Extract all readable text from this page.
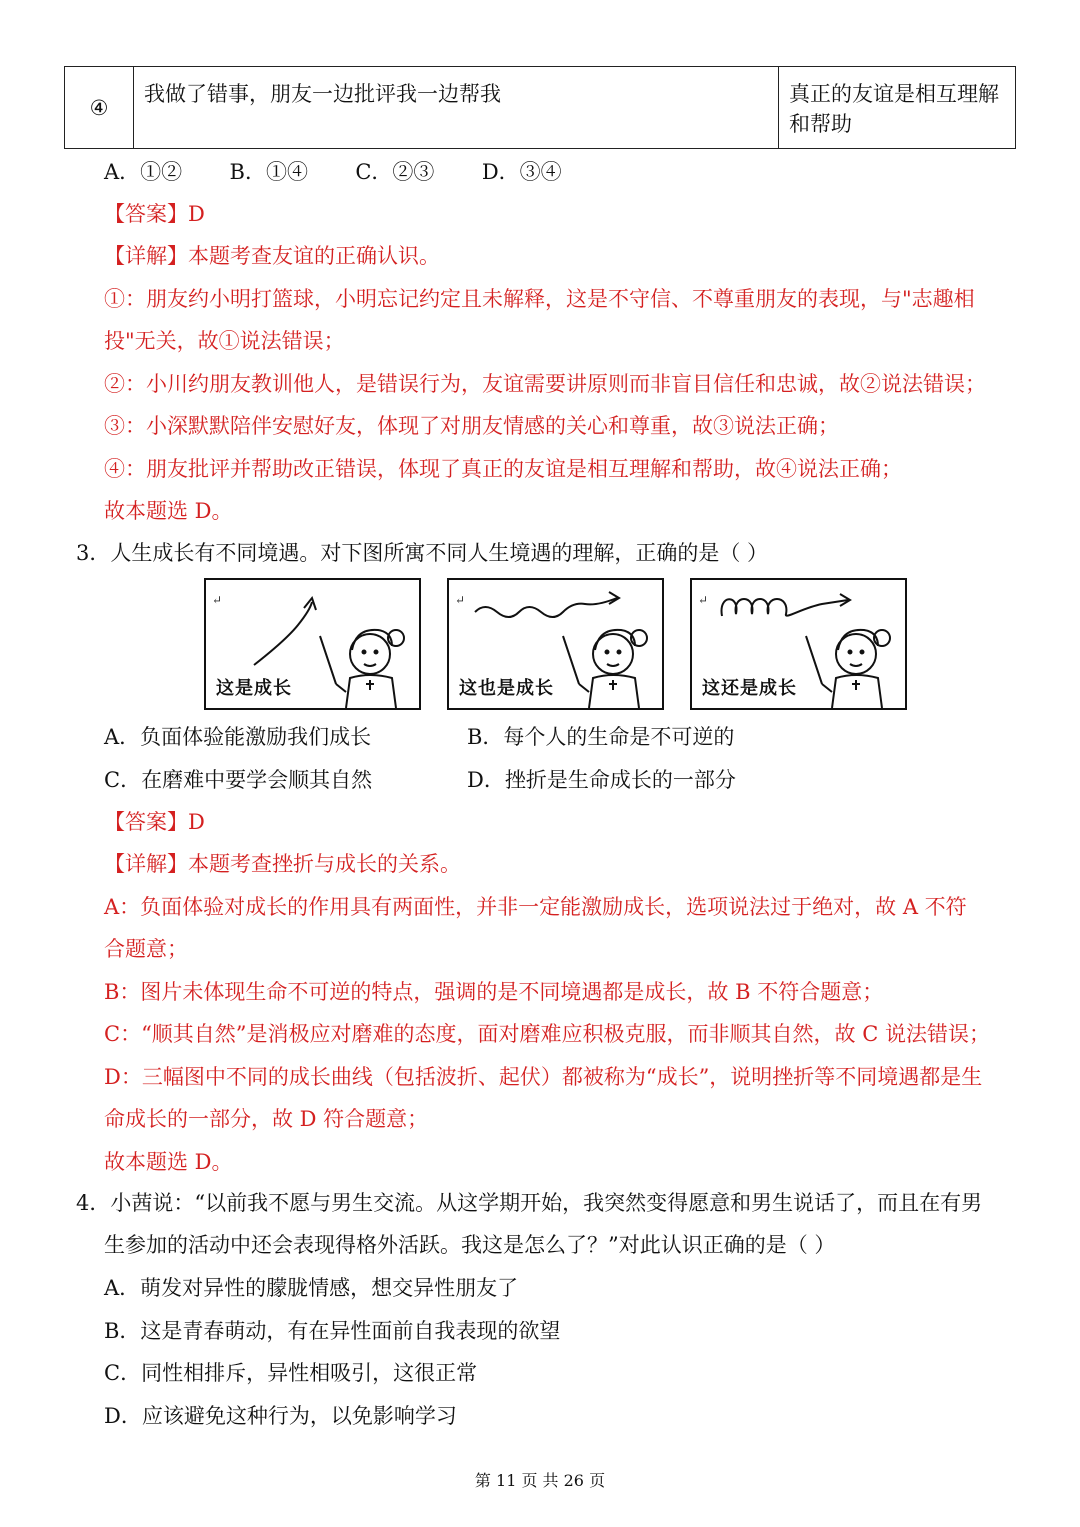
④	我做了错事，朋友一边批评我一边帮我	真正的友谊是相互理解和帮助
A．①② B．①④ C．②③ D．③④
【答案】D
【详解】本题考查友谊的正确认识。
①：朋友约小明打篮球，小明忘记约定且未解释，这是不守信、不尊重朋友的表现，与"志趣相
投"无关，故①说法错误；
②：小川约朋友教训他人，是错误行为，友谊需要讲原则而非盲目信任和忠诚，故②说法错误；
③：小深默默陪伴安慰好友，体现了对朋友情感的关心和尊重，故③说法正确；
④：朋友批评并帮助改正错误，体现了真正的友谊是相互理解和帮助，故④说法正确；
故本题选 D。
3．人生成长有不同境遇。对下图所寓不同人生境遇的理解，正确的是（ ）
↵
这是成长
↵
这也是成长
↵
这还是成长
A．负面体验能激励我们成长	B．每个人的生命是不可逆的
C．在磨难中要学会顺其自然	D．挫折是生命成长的一部分
【答案】D
【详解】本题考查挫折与成长的关系。
A：负面体验对成长的作用具有两面性，并非一定能激励成长，选项说法过于绝对，故 A 不符
合题意；
B：图片未体现生命不可逆的特点，强调的是不同境遇都是成长，故 B 不符合题意；
C：“顺其自然”是消极应对磨难的态度，面对磨难应积极克服，而非顺其自然，故 C 说法错误；
D：三幅图中不同的成长曲线（包括波折、起伏）都被称为“成长”，说明挫折等不同境遇都是生
命成长的一部分，故 D 符合题意；
故本题选 D。
4．小茜说：“以前我不愿与男生交流。从这学期开始，我突然变得愿意和男生说话了，而且在有男
生参加的活动中还会表现得格外活跃。我这是怎么了？”对此认识正确的是（ ）
A．萌发对异性的朦胧情感，想交异性朋友了
B．这是青春萌动，有在异性面前自我表现的欲望
C．同性相排斥，异性相吸引，这很正常
D．应该避免这种行为，以免影响学习
第 11 页 共 26 页
